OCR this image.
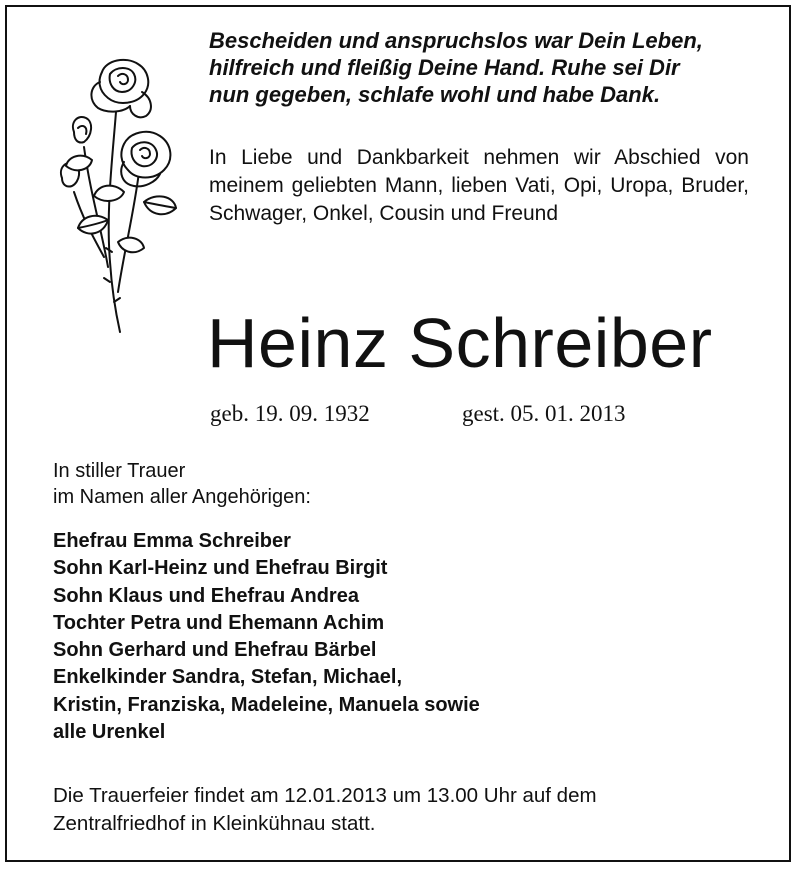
Bescheiden und anspruchslos war Dein Leben,
hilfreich und fleißig Deine Hand. Ruhe sei Dir
nun gegeben, schlafe wohl und habe Dank.

In Liebe und Dankbarkeit nehmen wir Abschied von meinem geliebten Mann, lieben Vati, Opi, Uropa, Bruder, Schwager, Onkel, Cousin und Freund

Heinz Schreiber
geb. 19. 09. 1932	gest. 05. 01. 2013
In stiller Trauer
im Namen aller Angehörigen:
Ehefrau Emma Schreiber
Sohn Karl-Heinz und Ehefrau Birgit
Sohn Klaus und Ehefrau Andrea
Tochter Petra und Ehemann Achim
Sohn Gerhard und Ehefrau Bärbel
Enkelkinder Sandra, Stefan, Michael,
Kristin, Franziska, Madeleine, Manuela sowie
alle Urenkel
Die Trauerfeier findet am 12.01.2013 um 13.00 Uhr auf dem
Zentralfriedhof in Kleinkühnau statt.
